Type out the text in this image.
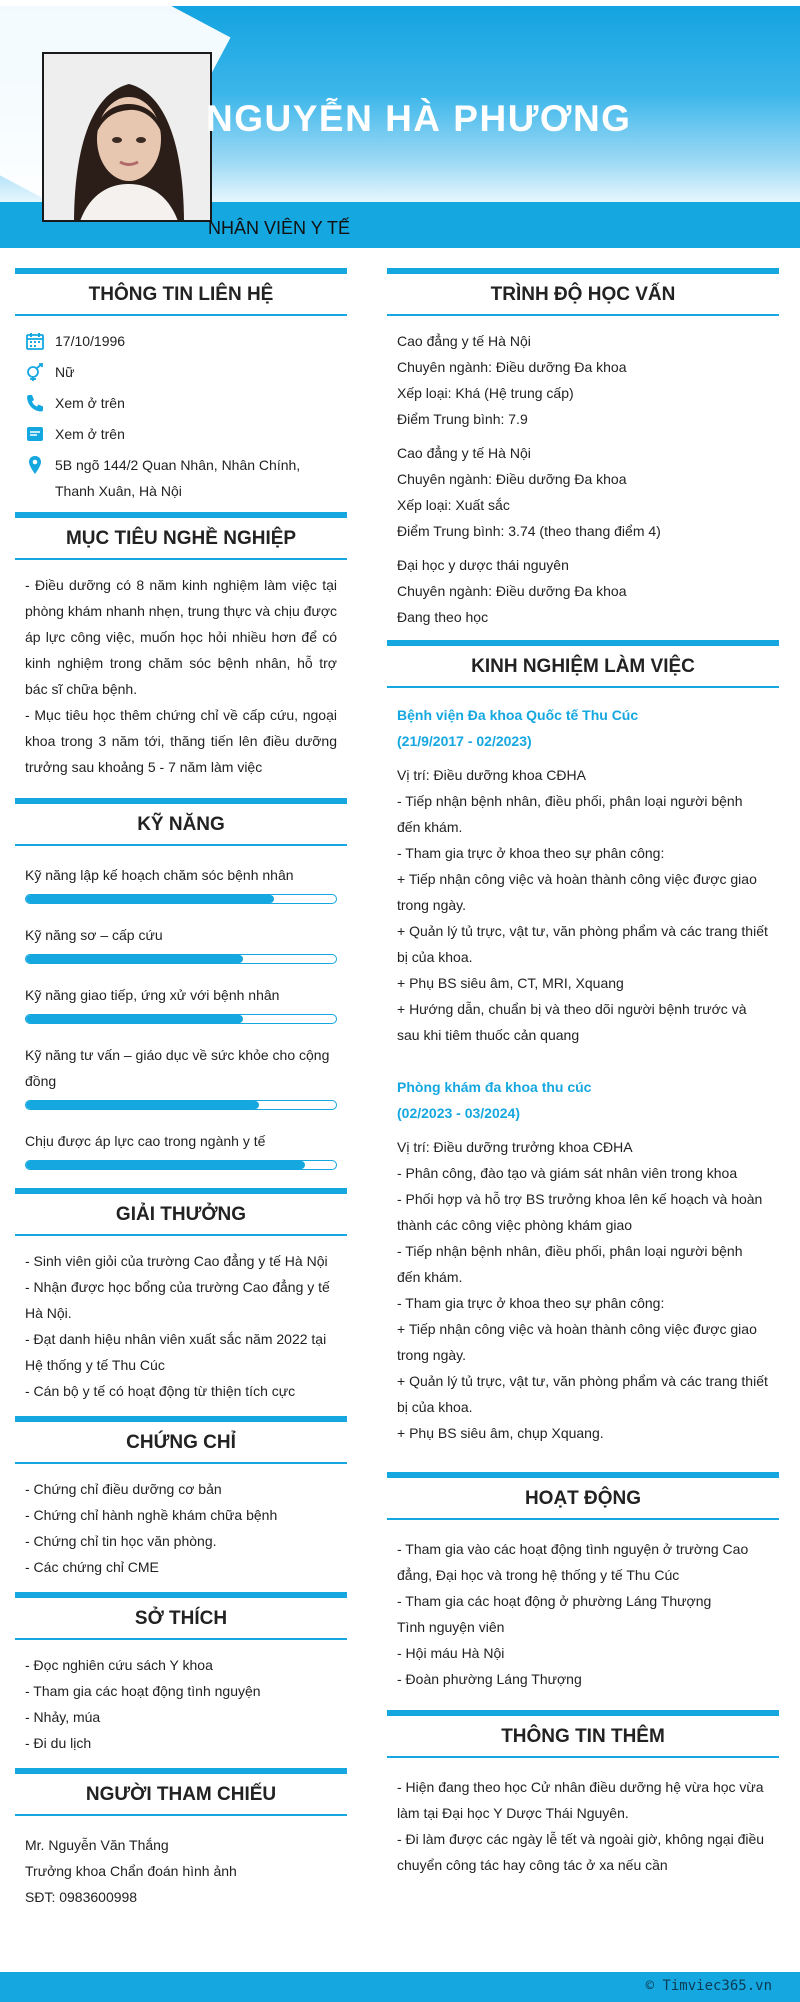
NGUYỄN HÀ PHƯƠNG
NHÂN VIÊN Y TẾ
THÔNG TIN LIÊN HỆ
17/10/1996
Nữ
Xem ở trên
Xem ở trên
5B ngõ 144/2 Quan Nhân, Nhân Chính, Thanh Xuân, Hà Nội
MỤC TIÊU NGHỀ NGHIỆP

- Điều dưỡng có 8 năm kinh nghiệm làm việc tại phòng khám nhanh nhẹn, trung thực và chịu được áp lực công việc, muốn học hỏi nhiều hơn để có kinh nghiệm trong chăm sóc bệnh nhân, hỗ trợ bác sĩ chữa bệnh.

- Mục tiêu học thêm chứng chỉ về cấp cứu, ngoại khoa trong 3 năm tới, thăng tiến lên điều dưỡng trưởng sau khoảng 5 - 7 năm làm việc

KỸ NĂNG
Kỹ năng lập kế hoạch chăm sóc bệnh nhân
Kỹ năng sơ – cấp cứu
Kỹ năng giao tiếp, ứng xử với bệnh nhân
Kỹ năng tư vấn – giáo dục về sức khỏe cho cộng đồng
Chịu được áp lực cao trong ngành y tế
GIẢI THƯỞNG
- Sinh viên giỏi của trường Cao đẳng y tế Hà Nội
- Nhận được học bổng của trường Cao đẳng y tế Hà Nội.
- Đạt danh hiệu nhân viên xuất sắc năm 2022 tại Hệ thống y tế Thu Cúc
- Cán bộ y tế có hoạt động từ thiện tích cực
CHỨNG CHỈ
- Chứng chỉ điều dưỡng cơ bản
- Chứng chỉ hành nghề khám chữa bệnh
- Chứng chỉ tin học văn phòng.
- Các chứng chỉ CME
SỞ THÍCH
- Đọc nghiên cứu sách Y khoa
- Tham gia các hoạt động tình nguyện
- Nhảy, múa
- Đi du lịch
NGƯỜI THAM CHIẾU
Mr. Nguyễn Văn Thắng
Trưởng khoa Chẩn đoán hình ảnh
SĐT: 0983600998
TRÌNH ĐỘ HỌC VẤN
Cao đẳng y tế Hà Nội
Chuyên ngành: Điều dưỡng Đa khoa
Xếp loại: Khá (Hệ trung cấp)
Điểm Trung bình: 7.9
Cao đẳng y tế Hà Nội
Chuyên ngành: Điều dưỡng Đa khoa
Xếp loại: Xuất sắc
Điểm Trung bình: 3.74 (theo thang điểm 4)
Đại học y dược thái nguyên
Chuyên ngành: Điều dưỡng Đa khoa
Đang theo học
KINH NGHIỆM LÀM VIỆC
Bệnh viện Đa khoa Quốc tế Thu Cúc
(21/9/2017 - 02/2023)
Vị trí: Điều dưỡng khoa CĐHA
- Tiếp nhận bệnh nhân, điều phối, phân loại người bệnh đến khám.
- Tham gia trực ở khoa theo sự phân công:
+ Tiếp nhận công việc và hoàn thành công việc được giao trong ngày.
+ Quản lý tủ trực, vật tư, văn phòng phẩm và các trang thiết bị của khoa.
+ Phụ BS siêu âm, CT, MRI, Xquang
+ Hướng dẫn, chuẩn bị và theo dõi người bệnh trước và sau khi tiêm thuốc cản quang
Phòng khám đa khoa thu cúc
(02/2023 - 03/2024)
Vị trí: Điều dưỡng trưởng khoa CĐHA
- Phân công, đào tạo và giám sát nhân viên trong khoa
- Phối hợp và hỗ trợ BS trưởng khoa lên kế hoạch và hoàn thành các công việc phòng khám giao
- Tiếp nhận bệnh nhân, điều phối, phân loại người bệnh đến khám.
- Tham gia trực ở khoa theo sự phân công:
+ Tiếp nhận công việc và hoàn thành công việc được giao trong ngày.
+ Quản lý tủ trực, vật tư, văn phòng phẩm và các trang thiết bị của khoa.
+ Phụ BS siêu âm, chụp Xquang.
HOẠT ĐỘNG
- Tham gia vào các hoạt động tình nguyện ở trường Cao đẳng, Đại học và trong hệ thống y tế Thu Cúc
- Tham gia các hoạt động ở phường Láng Thượng
Tình nguyện viên
- Hội máu Hà Nội
- Đoàn phường Láng Thượng
THÔNG TIN THÊM
- Hiện đang theo học Cử nhân điều dưỡng hệ vừa học vừa làm tại Đại học Y Dược Thái Nguyên.
- Đi làm được các ngày lễ tết và ngoài giờ, không ngại điều chuyển công tác hay công tác ở xa nếu cần
© Timviec365.vn
